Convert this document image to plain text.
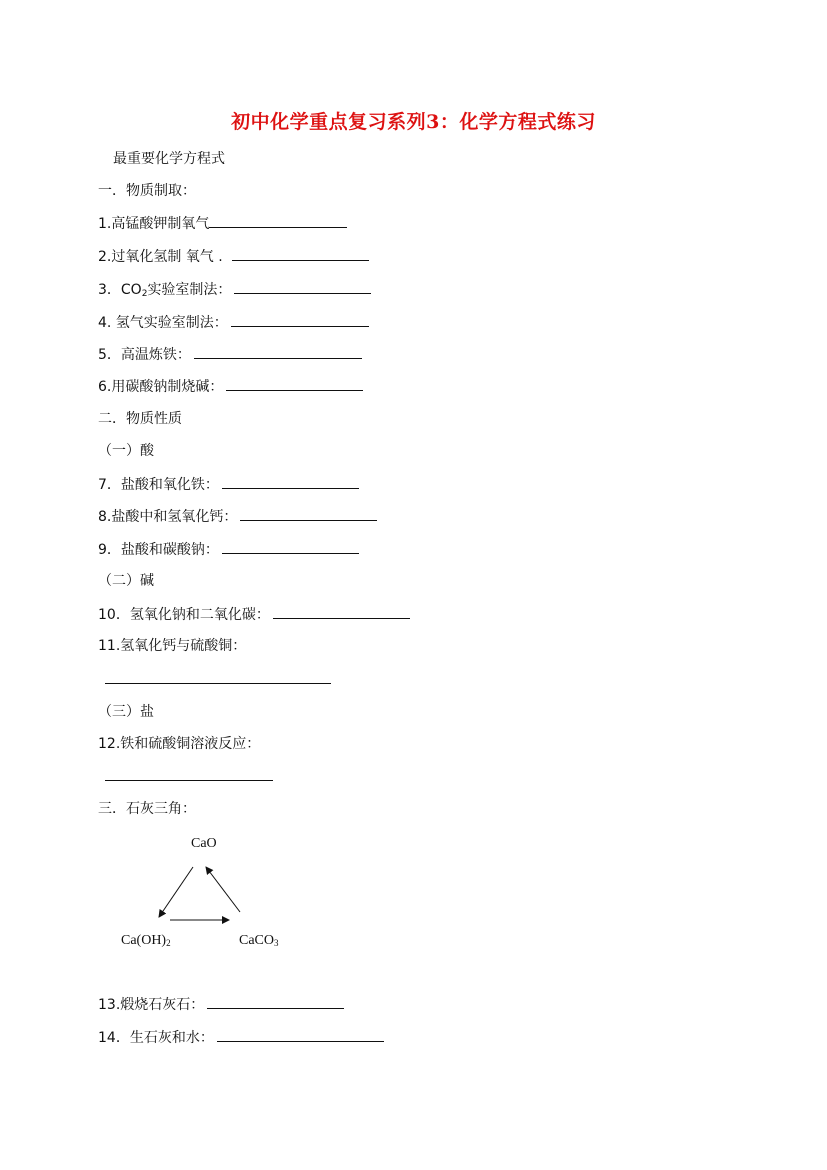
初中化学重点复习系列3：化学方程式练习
最重要化学方程式
一．物质制取：
1.高锰酸钾制氧气
2.过氧化氢制 氧气 .
3．$CO_2$实验室制法：
4. 氢气实验室制法：
5．高温炼铁：
6.用碳酸钠制烧碱：
二．物质性质
（一）酸
7．盐酸和氧化铁：
8.盐酸中和氢氧化钙：
9．盐酸和碳酸钠：
（二）碱
10．氢氧化钠和二氧化碳：
11.氢氧化钙与硫酸铜：
（三）盐
12.铁和硫酸铜溶液反应：
三．石灰三角：
CaO
$Ca(OH)_2$	CaCO$_3$
13.煅烧石灰石：
14．生石灰和水：
